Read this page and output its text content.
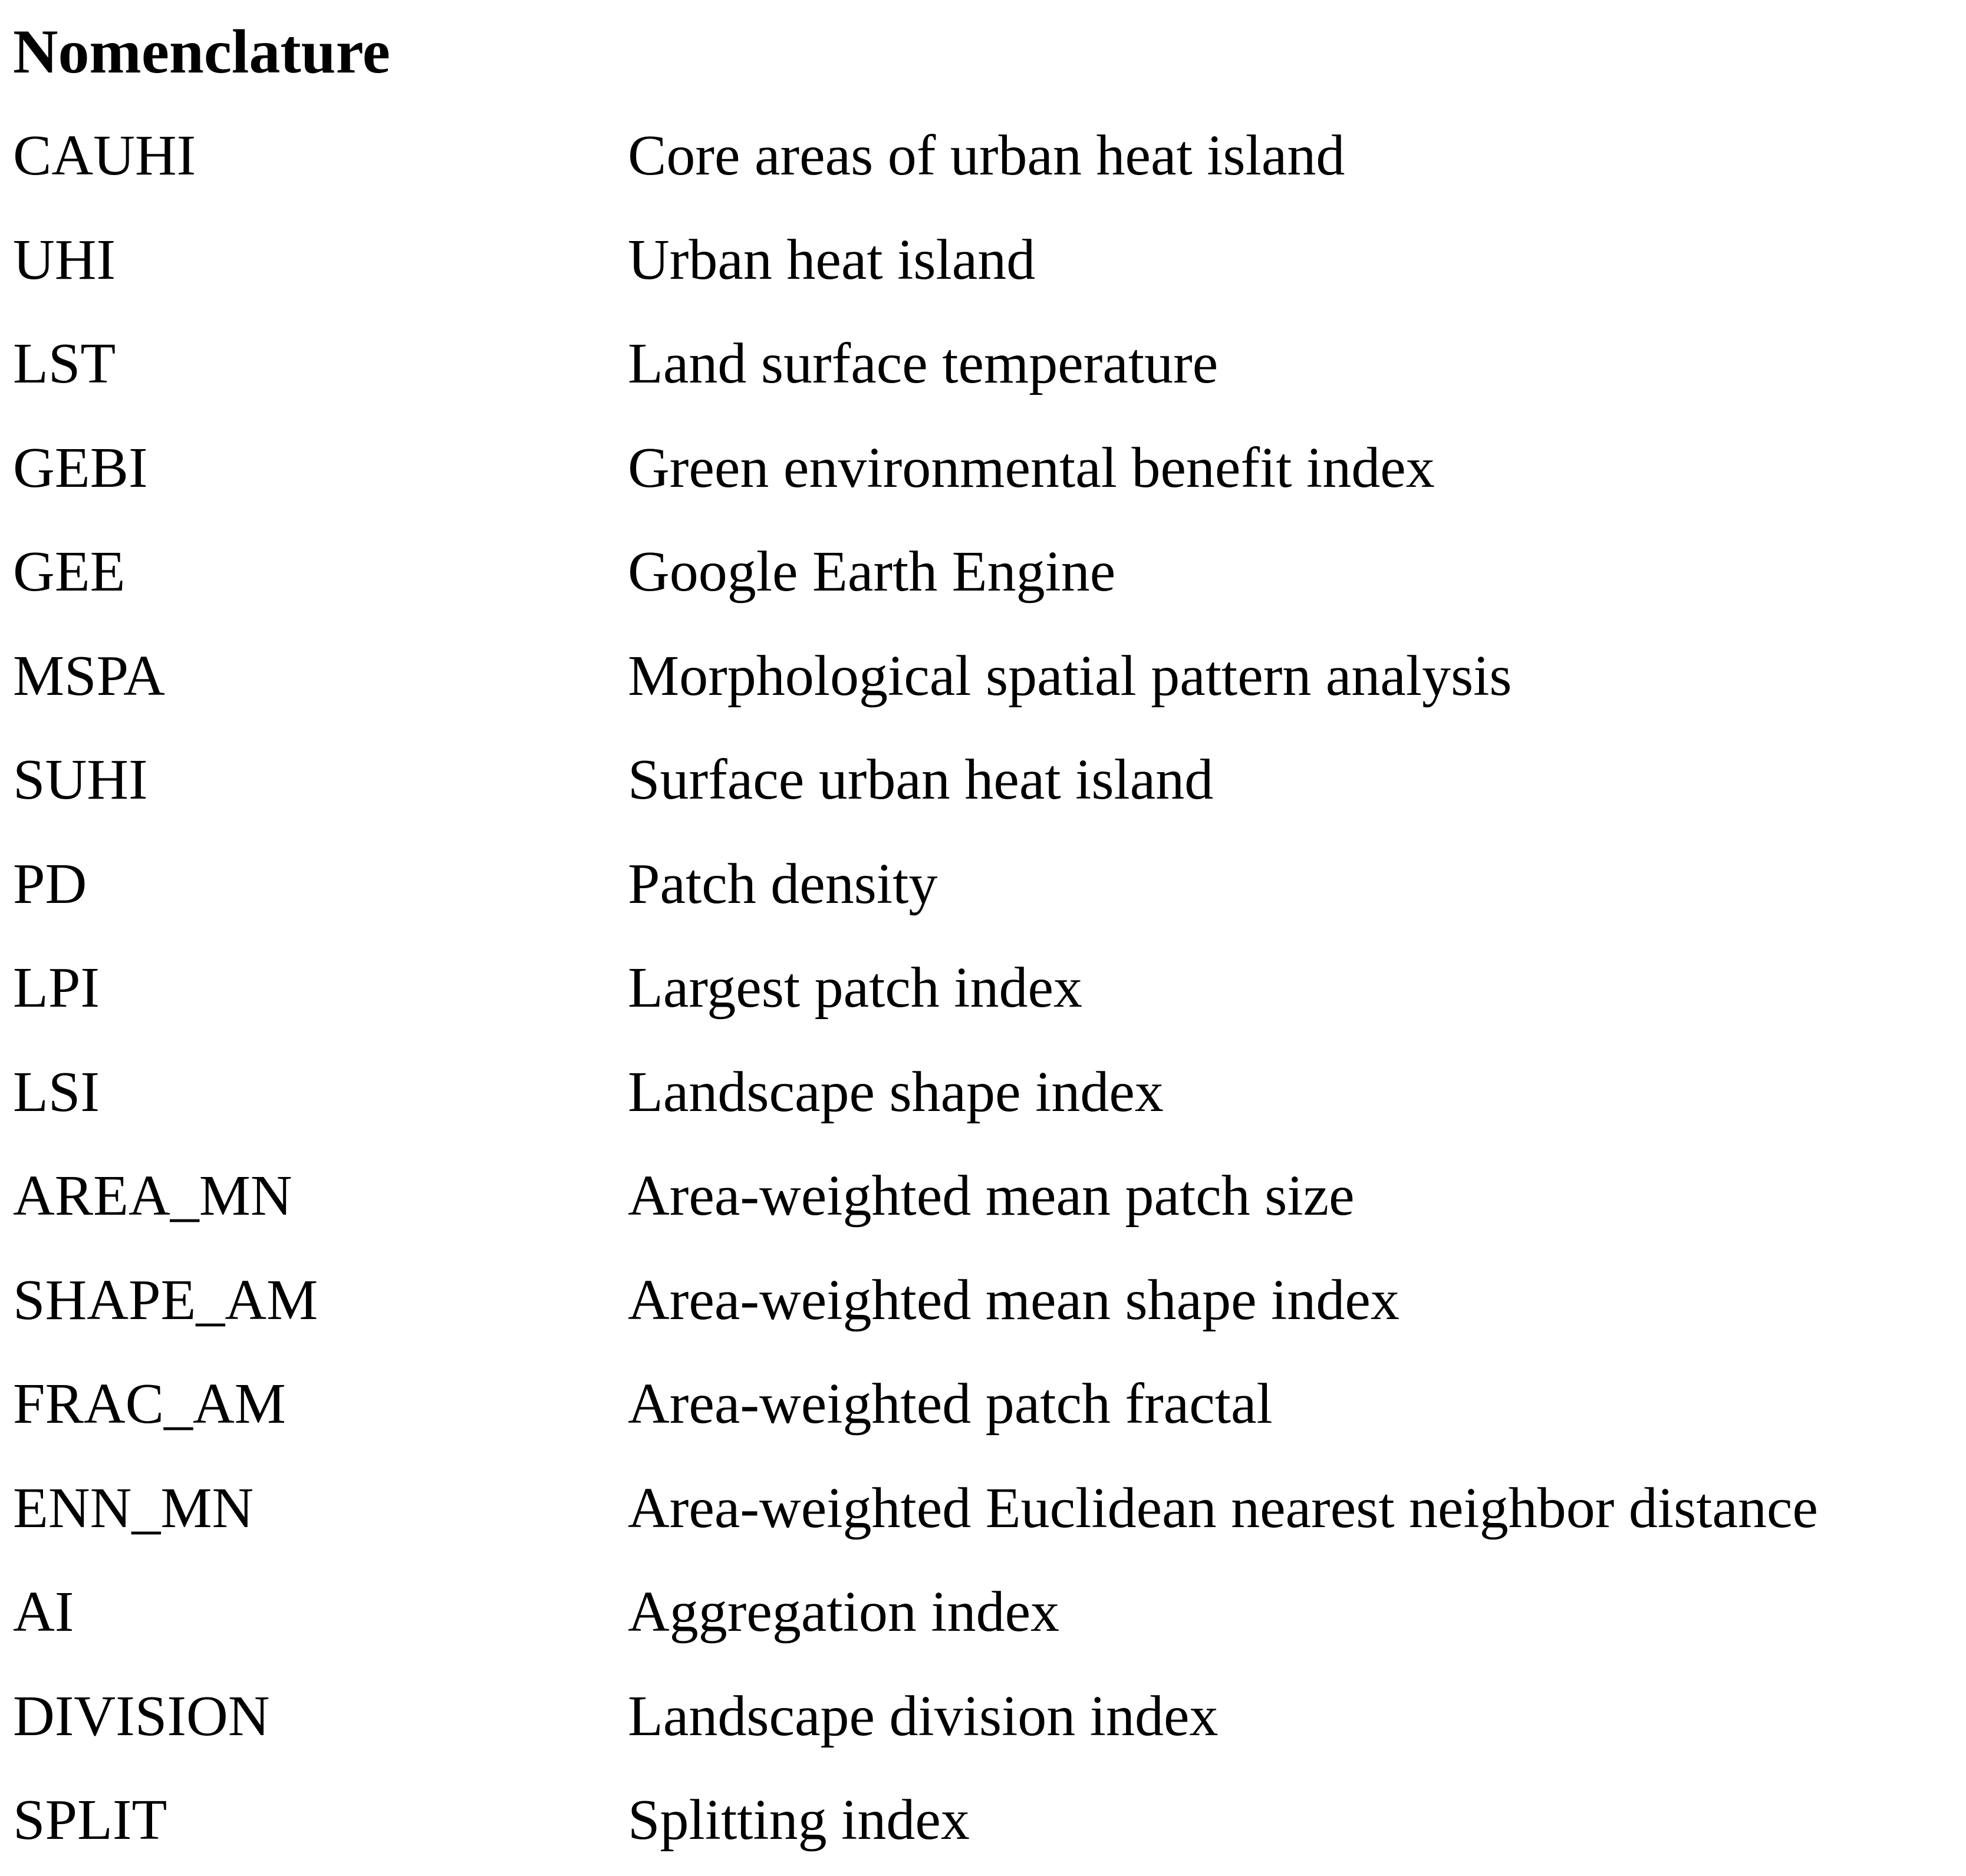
Nomenclature
CAUHI	Core areas of urban heat island
UHI	Urban heat island
LST	Land surface temperature
GEBI	Green environmental benefit index
GEE	Google Earth Engine
MSPA	Morphological spatial pattern analysis
SUHI	Surface urban heat island
PD	Patch density
LPI	Largest patch index
LSI	Landscape shape index
AREA_MN	Area-weighted mean patch size
SHAPE_AM	Area-weighted mean shape index
FRAC_AM	Area-weighted patch fractal
ENN_MN	Area-weighted Euclidean nearest neighbor distance
AI	Aggregation index
DIVISION	Landscape division index
SPLIT	Splitting index
